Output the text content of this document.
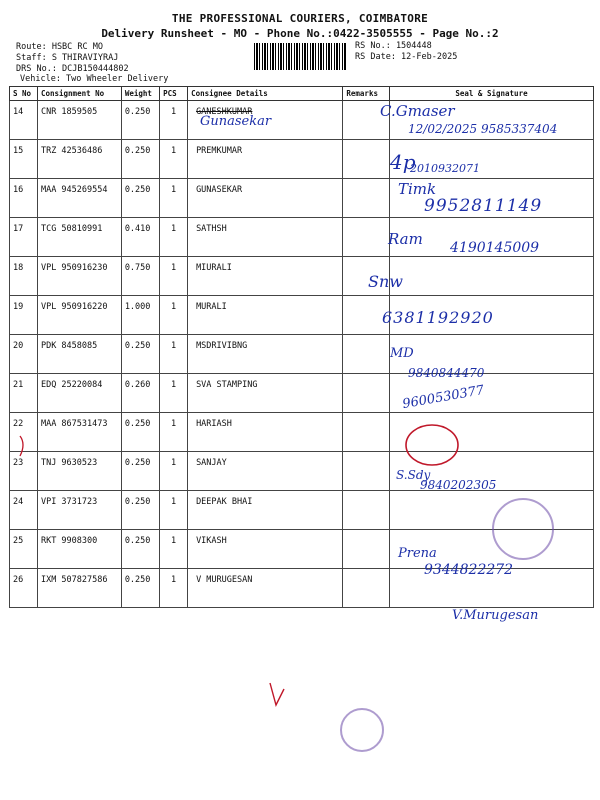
THE PROFESSIONAL COURIERS, COIMBATORE
Delivery Runsheet - MO - Phone No.:0422-3505555 - Page No.:2
Route: HSBC RC MO
Staff: S THIRAVIYRAJ
DRS No.: DCJB150444802
Vehicle: Two Wheeler Delivery
RS No.: 1504448
RS Date: 12-Feb-2025
S No	Consignment No	Weight	PCS	Consignee Details	Remarks	Seal & Signature
14	CNR 1859505	0.250	1	GANESHKUMAR		
15	TRZ 42536486	0.250	1	PREMKUMAR		
16	MAA 945269554	0.250	1	GUNASEKAR		
17	TCG 50810991	0.410	1	SATHSH		
18	VPL 950916230	0.750	1	MIURALI		
19	VPL 950916220	1.000	1	MURALI		
20	PDK 8458085	0.250	1	MSDRIVIBNG		
21	EDQ 25220084	0.260	1	SVA STAMPING		
22	MAA 867531473	0.250	1	HARIASH		
23	TNJ 9630523	0.250	1	SANJAY		
24	VPI 3731723	0.250	1	DEEPAK BHAI		
25	RKT 9908300	0.250	1	VIKASH		
26	IXM 507827586	0.250	1	V MURUGESAN		
Gunasekar
C.Gmaser
12/02/2025 9585337404
4p
2010932071
Timk
9952811149
Ram 4190145009
Snw
6381192920
MD
9840844470
9600530377
S.Sdy
9840202305
Prena
9344822272
V.Murugesan
